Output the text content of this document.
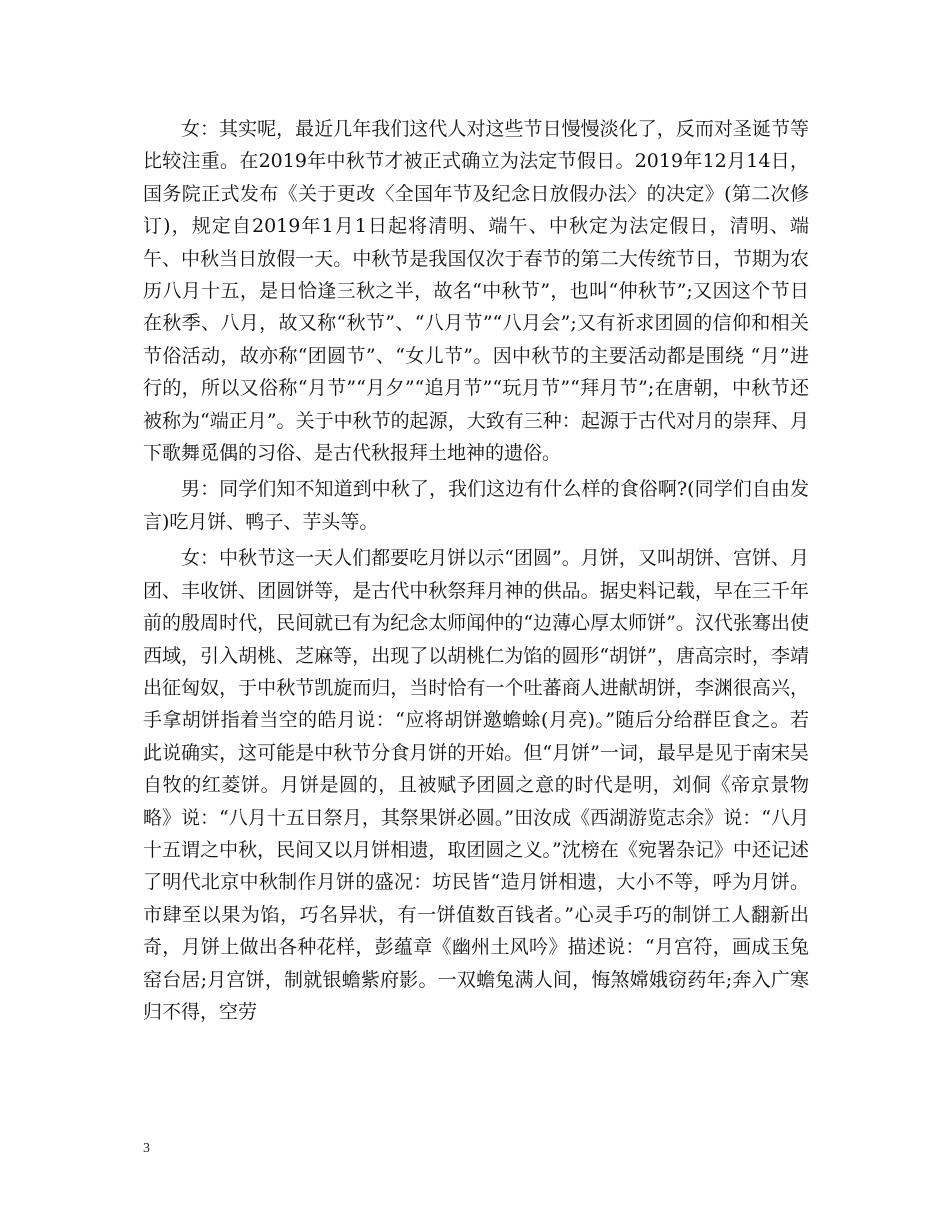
女：其实呢，最近几年我们这代人对这些节日慢慢淡化了，反而对圣诞节等比较注重。在2019年中秋节才被正式确立为法定节假日。2019年12月14日，国务院正式发布《关于更改〈全国年节及纪念日放假办法〉的决定》(第二次修订)，规定自2019年1月1日起将清明、端午、中秋定为法定假日，清明、端午、中秋当日放假一天。中秋节是我国仅次于春节的第二大传统节日，节期为农历八月十五，是日恰逢三秋之半，故名“中秋节”，也叫“仲秋节”;又因这个节日在秋季、八月，故又称“秋节”、“八月节”“八月会”;又有祈求团圆的信仰和相关节俗活动，故亦称“团圆节”、“女儿节”。因中秋节的主要活动都是围绕 “月”进行的，所以又俗称“月节”“月夕”“追月节”“玩月节”“拜月节”;在唐朝，中秋节还被称为“端正月”。关于中秋节的起源，大致有三种：起源于古代对月的崇拜、月下歌舞觅偶的习俗、是古代秋报拜土地神的遗俗。

男：同学们知不知道到中秋了，我们这边有什么样的食俗啊?(同学们自由发言)吃月饼、鸭子、芋头等。

女：中秋节这一天人们都要吃月饼以示“团圆”。月饼，又叫胡饼、宫饼、月团、丰收饼、团圆饼等，是古代中秋祭拜月神的供品。据史料记载，早在三千年前的殷周时代，民间就已有为纪念太师闻仲的“边薄心厚太师饼”。汉代张骞出使西域，引入胡桃、芝麻等，出现了以胡桃仁为馅的圆形“胡饼”，唐高宗时，李靖出征匈奴，于中秋节凯旋而归，当时恰有一个吐蕃商人进献胡饼，李渊很高兴，手拿胡饼指着当空的皓月说：“应将胡饼邀蟾蜍(月亮)。”随后分给群臣食之。若此说确实，这可能是中秋节分食月饼的开始。但“月饼”一词，最早是见于南宋吴自牧的红菱饼。月饼是圆的，且被赋予团圆之意的时代是明，刘侗《帝京景物略》说：“八月十五日祭月，其祭果饼必圆。”田汝成《西湖游览志余》说：“八月十五谓之中秋，民间又以月饼相遗，取团圆之义。”沈榜在《宛署杂记》中还记述了明代北京中秋制作月饼的盛况：坊民皆“造月饼相遗，大小不等，呼为月饼。市肆至以果为馅，巧名异状，有一饼值数百钱者。”心灵手巧的制饼工人翻新出奇，月饼上做出各种花样，彭蕴章《幽州土风吟》描述说：“月宫符，画成玉兔窑台居;月宫饼，制就银蟾紫府影。一双蟾兔满人间，悔煞嫦娥窃药年;奔入广寒归不得，空劳

3
